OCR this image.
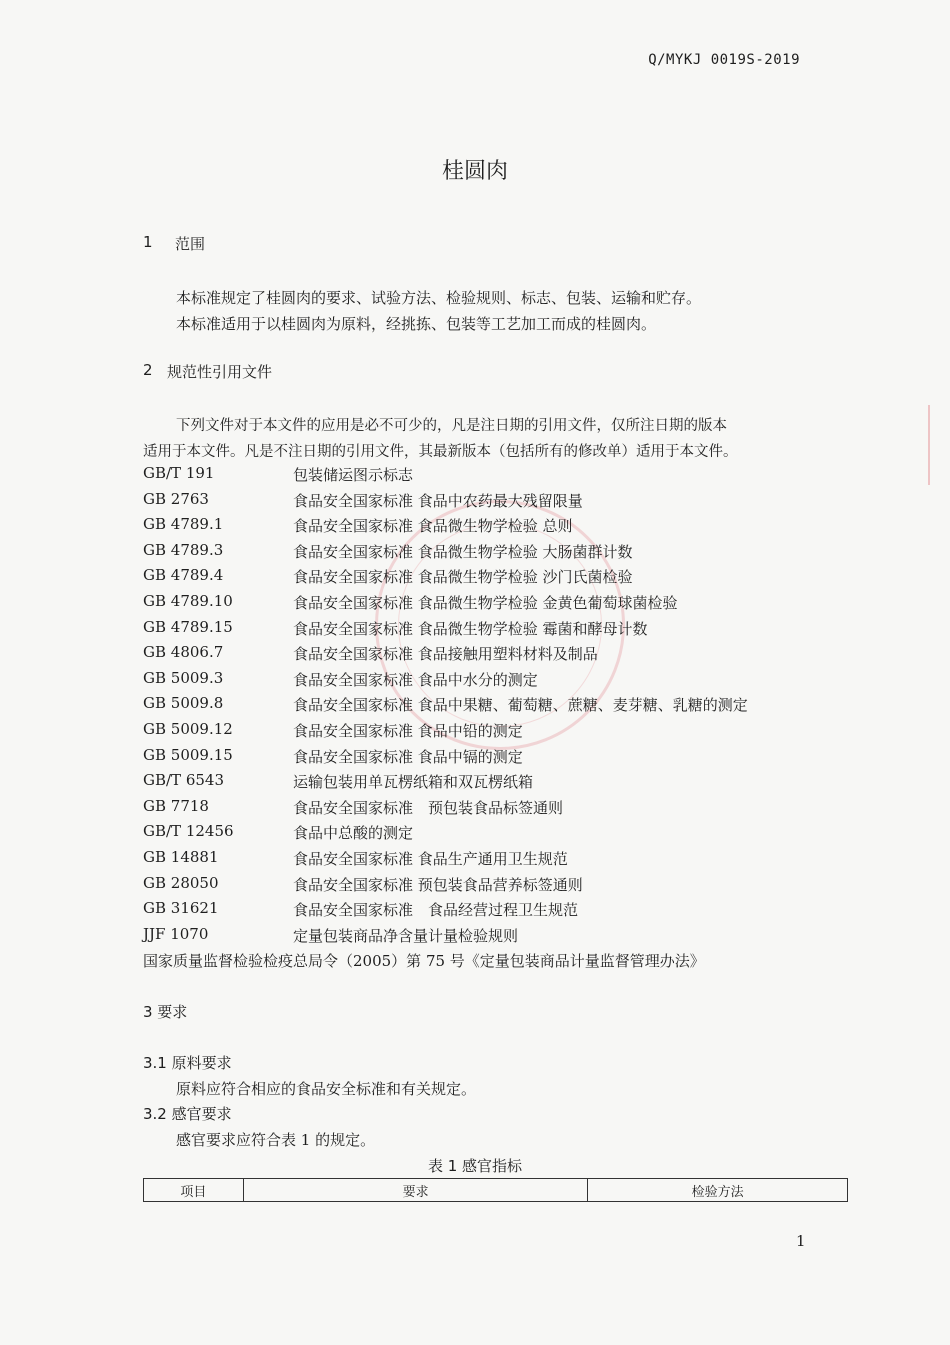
Q/MYKJ 0019S-2019
桂圆肉
1 范围
本标准规定了桂圆肉的要求、试验方法、检验规则、标志、包装、运输和贮存。
本标准适用于以桂圆肉为原料，经挑拣、包装等工艺加工而成的桂圆肉。
2 规范性引用文件
下列文件对于本文件的应用是必不可少的，凡是注日期的引用文件，仅所注日期的版本
适用于本文件。凡是不注日期的引用文件，其最新版本（包括所有的修改单）适用于本文件。
GB/T 191	包装储运图示标志
GB 2763	食品安全国家标准 食品中农药最大残留限量
GB 4789.1	食品安全国家标准 食品微生物学检验 总则
GB 4789.3	食品安全国家标准 食品微生物学检验 大肠菌群计数
GB 4789.4	食品安全国家标准 食品微生物学检验 沙门氏菌检验
GB 4789.10	食品安全国家标准 食品微生物学检验 金黄色葡萄球菌检验
GB 4789.15	食品安全国家标准 食品微生物学检验 霉菌和酵母计数
GB 4806.7	食品安全国家标准 食品接触用塑料材料及制品
GB 5009.3	食品安全国家标准 食品中水分的测定
GB 5009.8	食品安全国家标准 食品中果糖、葡萄糖、蔗糖、麦芽糖、乳糖的测定
GB 5009.12	食品安全国家标准 食品中铅的测定
GB 5009.15	食品安全国家标准 食品中镉的测定
GB/T 6543	运输包装用单瓦楞纸箱和双瓦楞纸箱
GB 7718	食品安全国家标准　预包装食品标签通则
GB/T 12456	食品中总酸的测定
GB 14881	食品安全国家标准 食品生产通用卫生规范
GB 28050	食品安全国家标准 预包装食品营养标签通则
GB 31621	食品安全国家标准　食品经营过程卫生规范
JJF 1070	定量包装商品净含量计量检验规则
国家质量监督检验检疫总局令（2005）第 75 号《定量包装商品计量监督管理办法》
3 要求
3.1 原料要求
原料应符合相应的食品安全标准和有关规定。
3.2 感官要求
感官要求应符合表 1 的规定。
表 1 感官指标
项目	要求	检验方法
1
